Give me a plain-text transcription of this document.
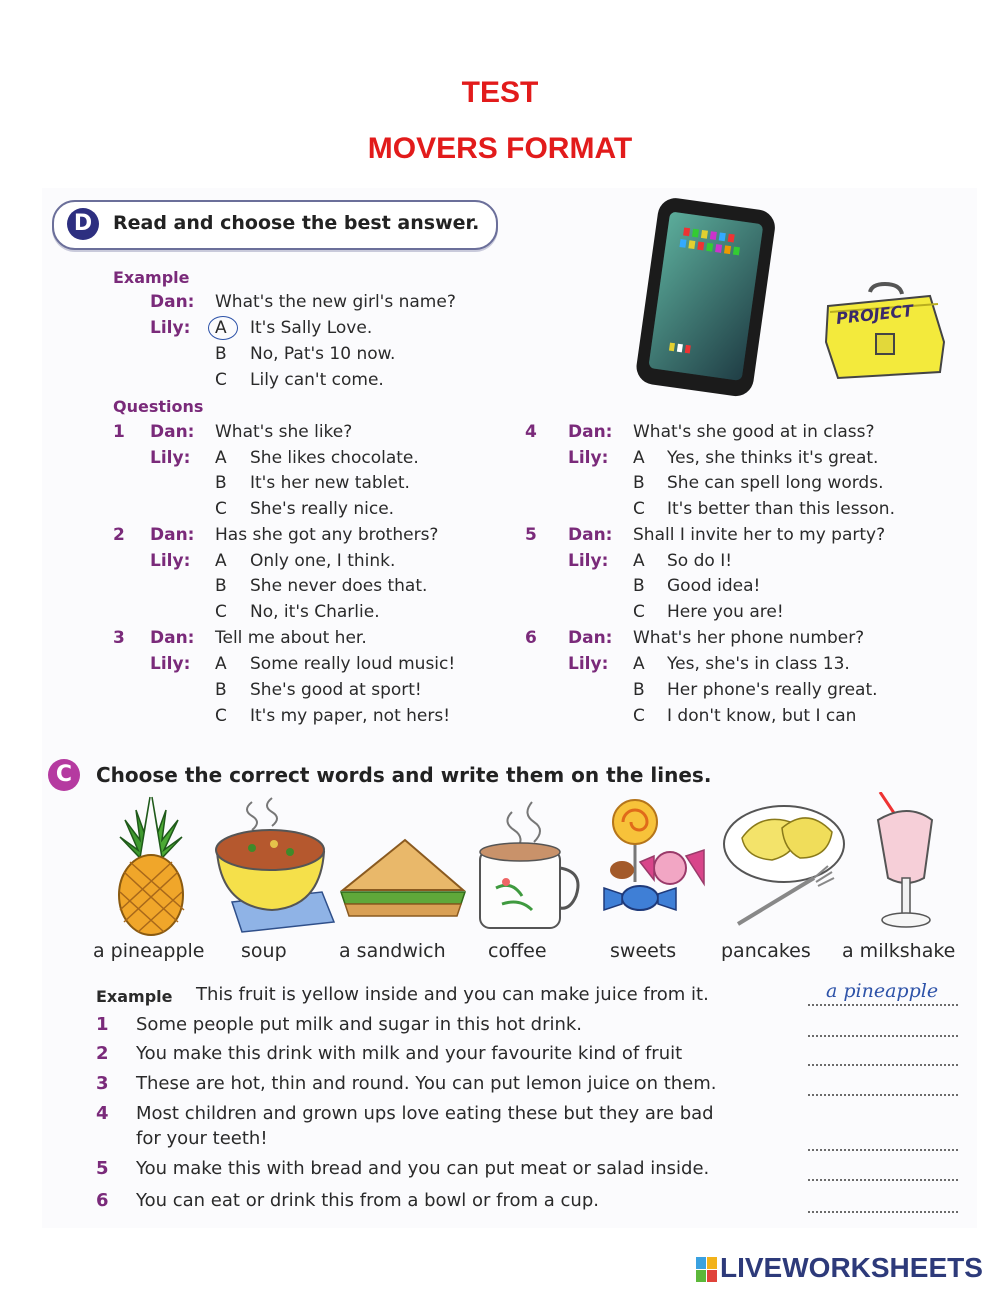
TEST
MOVERS FORMAT
D	Read and choose the best answer.
Example
Dan: What's the new girl's name?
Lily: A It's Sally Love.
B No, Pat's 10 now.
C Lily can't come.
Questions
1 Dan: What's she like?
Lily: A She likes chocolate.
B It's her new tablet.
C She's really nice.
2 Dan: Has she got any brothers?
Lily: A Only one, I think.
B She never does that.
C No, it's Charlie.
3 Dan: Tell me about her.
Lily: A Some really loud music!
B She's good at sport!
C It's my paper, not hers!
4 Dan: What's she good at in class?
Lily: A Yes, she thinks it's great.
B She can spell long words.
C It's better than this lesson.
5 Dan: Shall I invite her to my party?
Lily: A So do I!
B Good idea!
C Here you are!
6 Dan: What's her phone number?
Lily: A Yes, she's in class 13.
B Her phone's really great.
C I don't know, but I can
PROJECT
C	Choose the correct words and write them on the lines.
a pineapple soup	a sandwich coffee	sweets pancakes a milkshake
Example This fruit is yellow inside and you can make juice from it.	a pineapple
1 Some people put milk and sugar in this hot drink.
2 You make this drink with milk and your favourite kind of fruit
3 These are hot, thin and round. You can put lemon juice on them.
4 Most children and grown ups love eating these but they are bad
for your teeth!
5 You make this with bread and you can put meat or salad inside.
6 You can eat or drink this from a bowl or from a cup.
LIVEWORKSHEETS
